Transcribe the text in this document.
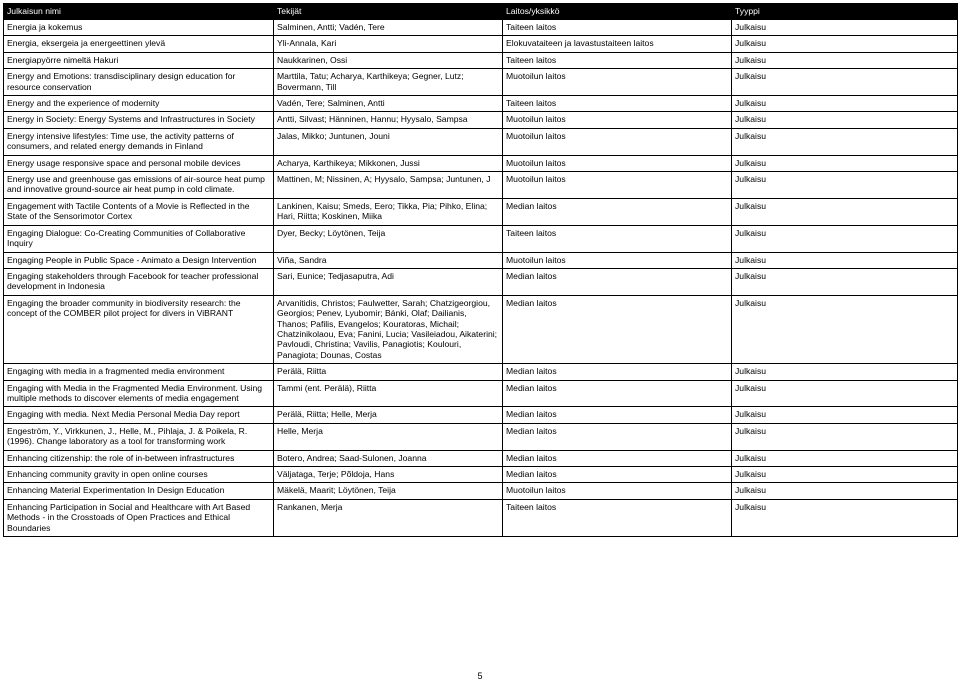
Julkaisun nimi	Tekijät	Laitos/yksikkö	Tyyppi
Energia ja kokemus	Salminen, Antti; Vadén, Tere	Taiteen laitos	Julkaisu
Energia, eksergeia ja energeettinen ylevä	Yli-Annala, Kari	Elokuvataiteen ja lavastustaiteen laitos	Julkaisu
Energiapyörre nimeltä Hakuri	Naukkarinen, Ossi	Taiteen laitos	Julkaisu
Energy and Emotions: transdisciplinary design education for resource conservation	Marttila, Tatu; Acharya, Karthikeya; Gegner, Lutz; Bovermann, Till	Muotoilun laitos	Julkaisu
Energy and the experience of modernity	Vadén, Tere; Salminen, Antti	Taiteen laitos	Julkaisu
Energy in Society: Energy Systems and Infrastructures in Society	Antti, Silvast; Hänninen, Hannu; Hyysalo, Sampsa	Muotoilun laitos	Julkaisu
Energy intensive lifestyles: Time use, the activity patterns of consumers, and related energy demands in Finland	Jalas, Mikko; Juntunen, Jouni	Muotoilun laitos	Julkaisu
Energy usage responsive space and personal mobile devices	Acharya, Karthikeya; Mikkonen, Jussi	Muotoilun laitos	Julkaisu
Energy use and greenhouse gas emissions of air-source heat pump and innovative ground-source air heat pump in cold climate.	Mattinen, M; Nissinen, A; Hyysalo, Sampsa; Juntunen, J	Muotoilun laitos	Julkaisu
Engagement with Tactile Contents of a Movie is Reflected in the State of the Sensorimotor Cortex	Lankinen, Kaisu; Smeds, Eero; Tikka, Pia; Pihko, Elina; Hari, Riitta; Koskinen, Miika	Median laitos	Julkaisu
Engaging Dialogue: Co-Creating Communities of Collaborative Inquiry	Dyer, Becky; Löytönen, Teija	Taiteen laitos	Julkaisu
Engaging People in Public Space - Animato a Design Intervention	Viña, Sandra	Muotoilun laitos	Julkaisu
Engaging stakeholders through Facebook for teacher professional development in Indonesia	Sari, Eunice; Tedjasaputra, Adi	Median laitos	Julkaisu
Engaging the broader community in biodiversity research: the concept of the COMBER pilot project for divers in ViBRANT	Arvanitidis, Christos; Faulwetter, Sarah; Chatzigeorgiou, Georgios; Penev, Lyubomir; Bánki, Olaf; Dailianis, Thanos; Pafilis, Evangelos; Kouratoras, Michail; Chatzinikolaou, Eva; Fanini, Lucia; Vasileiadou, Aikaterini; Pavloudi, Christina; Vavilis, Panagiotis; Koulouri, Panagiota; Dounas, Costas	Median laitos	Julkaisu
Engaging with media in a fragmented media environment	Perälä, Riitta	Median laitos	Julkaisu
Engaging with Media in the Fragmented Media Environment. Using multiple methods to discover elements of media engagement	Tammi (ent. Perälä), Riitta	Median laitos	Julkaisu
Engaging with media. Next Media Personal Media Day report	Perälä, Riitta; Helle, Merja	Median laitos	Julkaisu
Engeström, Y., Virkkunen, J., Helle, M., Pihlaja, J. & Poikela, R. (1996). Change laboratory as a tool for transforming work	Helle, Merja	Median laitos	Julkaisu
Enhancing citizenship: the role of in-between infrastructures	Botero, Andrea; Saad-Sulonen, Joanna	Median laitos	Julkaisu
Enhancing community gravity in open online courses	Väljataga, Terje; Põldoja, Hans	Median laitos	Julkaisu
Enhancing Material Experimentation In Design Education	Mäkelä, Maarit; Löytönen, Teija	Muotoilun laitos	Julkaisu
Enhancing Participation in Social and Healthcare with Art Based Methods - in the Crosstoads of Open Practices and Ethical Boundaries	Rankanen, Merja	Taiteen laitos	Julkaisu
5
